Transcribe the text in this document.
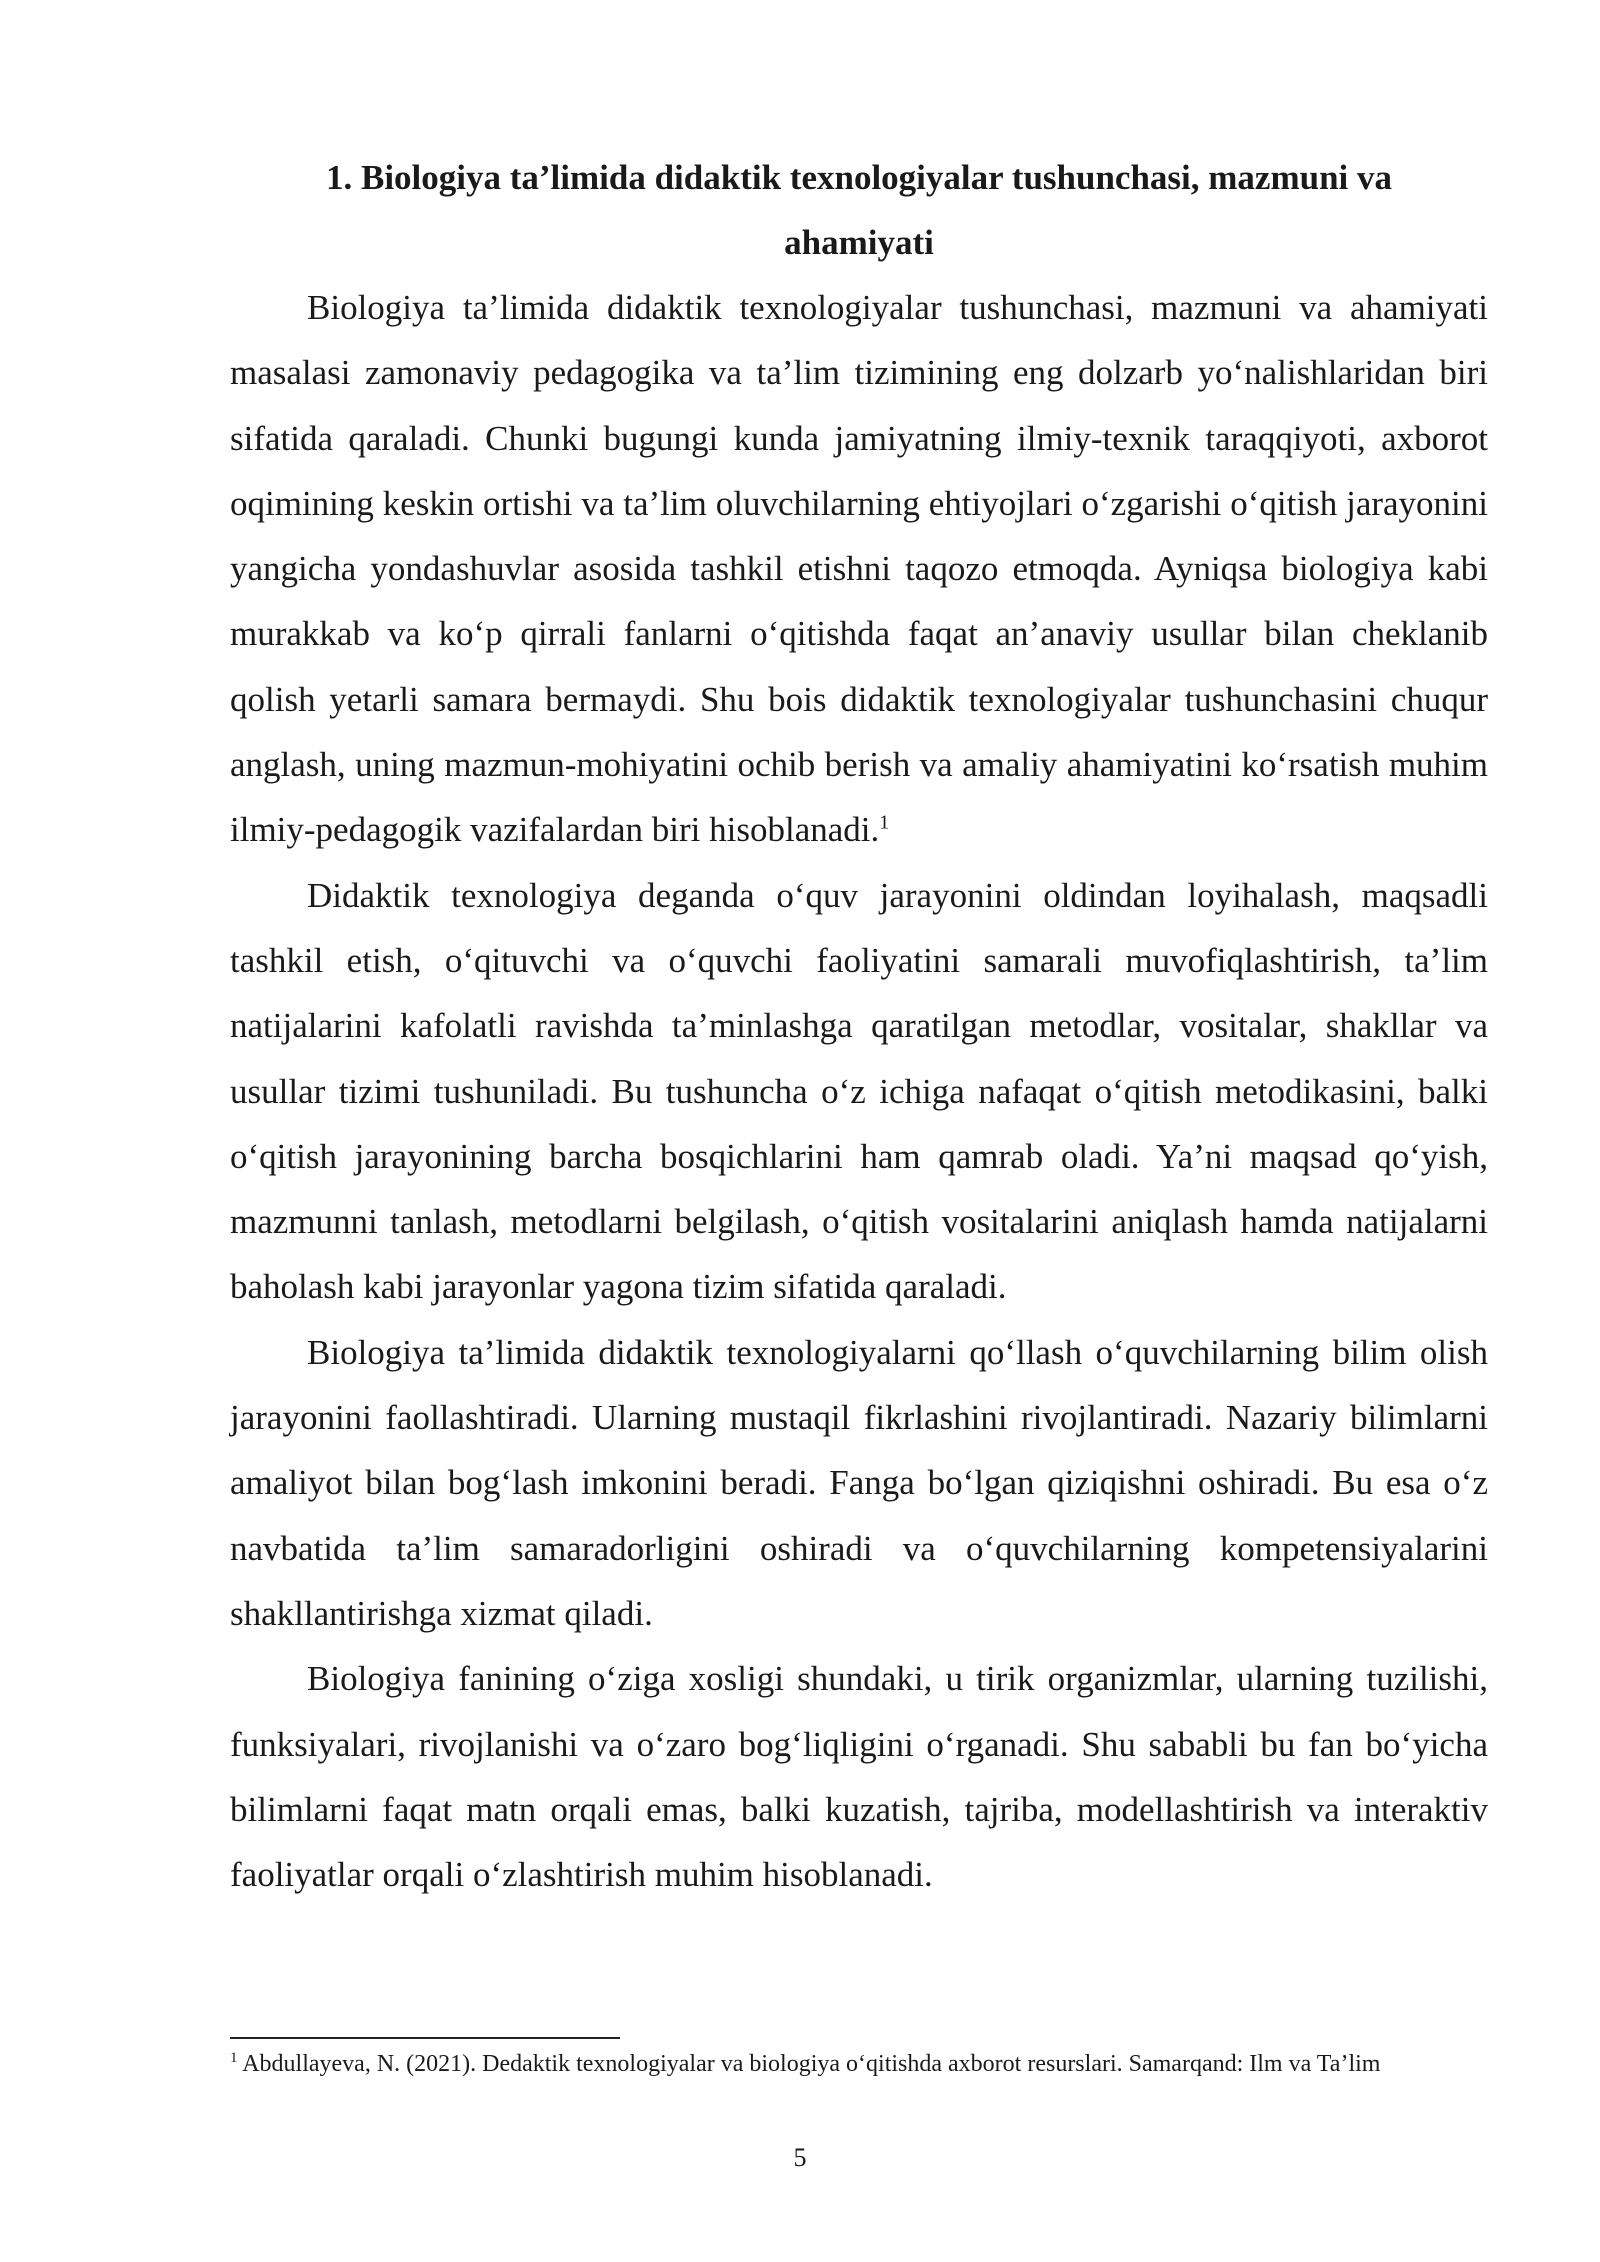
1. Biologiya ta’limida didaktik texnologiyalar tushunchasi, mazmuni va ahamiyati

Biologiya ta’limida didaktik texnologiyalar tushunchasi, mazmuni va ahamiyati masalasi zamonaviy pedagogika va ta’lim tizimining eng dolzarb yo‘nalishlaridan biri sifatida qaraladi. Chunki bugungi kunda jamiyatning ilmiy-texnik taraqqiyoti, axborot oqimining keskin ortishi va ta’lim oluvchilarning ehtiyojlari o‘zgarishi o‘qitish jarayonini yangicha yondashuvlar asosida tashkil etishni taqozo etmoqda. Ayniqsa biologiya kabi murakkab va ko‘p qirrali fanlarni o‘qitishda faqat an’anaviy usullar bilan cheklanib qolish yetarli samara bermaydi. Shu bois didaktik texnologiyalar tushunchasini chuqur anglash, uning mazmun-mohiyatini ochib berish va amaliy ahamiyatini ko‘rsatish muhim ilmiy-pedagogik vazifalardan biri hisoblanadi.$^1$

Didaktik texnologiya deganda o‘quv jarayonini oldindan loyihalash, maqsadli tashkil etish, o‘qituvchi va o‘quvchi faoliyatini samarali muvofiqlashtirish, ta’lim natijalarini kafolatli ravishda ta’minlashga qaratilgan metodlar, vositalar, shakllar va usullar tizimi tushuniladi. Bu tushuncha o‘z ichiga nafaqat o‘qitish metodikasini, balki o‘qitish jarayonining barcha bosqichlarini ham qamrab oladi. Ya’ni maqsad qo‘yish, mazmunni tanlash, metodlarni belgilash, o‘qitish vositalarini aniqlash hamda natijalarni baholash kabi jarayonlar yagona tizim sifatida qaraladi.

Biologiya ta’limida didaktik texnologiyalarni qo‘llash o‘quvchilarning bilim olish jarayonini faollashtiradi. Ularning mustaqil fikrlashini rivojlantiradi. Nazariy bilimlarni amaliyot bilan bog‘lash imkonini beradi. Fanga bo‘lgan qiziqishni oshiradi. Bu esa o‘z navbatida ta’lim samaradorligini oshiradi va o‘quvchilarning kompetensiyalarini shakllantirishga xizmat qiladi.

Biologiya fanining o‘ziga xosligi shundaki, u tirik organizmlar, ularning tuzilishi, funksiyalari, rivojlanishi va o‘zaro bog‘liqligini o‘rganadi. Shu sababli bu fan bo‘yicha bilimlarni faqat matn orqali emas, balki kuzatish, tajriba, modellashtirish va interaktiv faoliyatlar orqali o‘zlashtirish muhim hisoblanadi.

$^1$ Abdullayeva, N. (2021). Dedaktik texnologiyalar va biologiya o‘qitishda axborot resurslari. Samarqand: Ilm va Ta’lim

5
